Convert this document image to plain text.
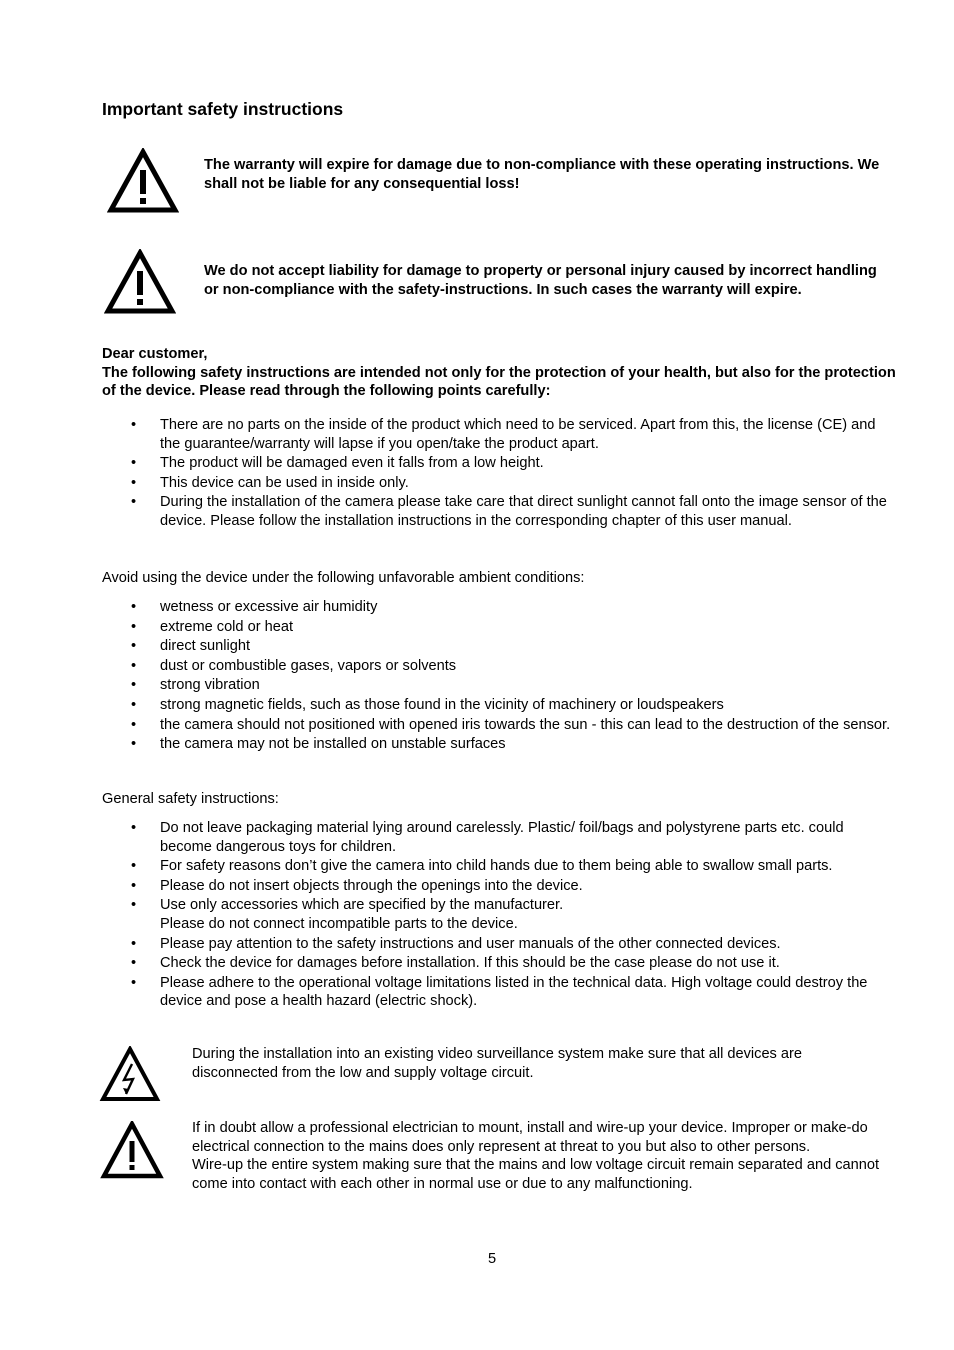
Important safety instructions
The warranty will expire for damage due to non-compliance with these operating instructions. We shall not be liable for any consequential loss!
We do not accept liability for damage to property or personal injury caused by incorrect handling or non-compliance with the safety-instructions. In such cases the warranty will expire.
Dear customer,
The following safety instructions are intended not only for the protection of your health, but also for the protection of the device. Please read through the following points carefully:
• There are no parts on the inside of the product which need to be serviced. Apart from this, the license (CE) and the guarantee/warranty will lapse if you open/take the product apart.
• The product will be damaged even it falls from a low height.
• This device can be used in inside only.
• During the installation of the camera please take care that direct sunlight cannot fall onto the image sensor of the device. Please follow the installation instructions in the corresponding chapter of this user manual.
Avoid using the device under the following unfavorable ambient conditions:
• wetness or excessive air humidity
• extreme cold or heat
• direct sunlight
• dust or combustible gases, vapors or solvents
• strong vibration
• strong magnetic fields, such as those found in the vicinity of machinery or loudspeakers
• the camera should not positioned with opened iris towards the sun - this can lead to the destruction of the sensor.
• the camera may not be installed on unstable surfaces
General safety instructions:
• Do not leave packaging material lying around carelessly. Plastic/ foil/bags and polystyrene parts etc. could become dangerous toys for children.
• For safety reasons don’t give the camera into child hands due to them being able to swallow small parts.
• Please do not insert objects through the openings into the device.
• Use only accessories which are specified by the manufacturer.
Please do not connect incompatible parts to the device.
• Please pay attention to the safety instructions and user manuals of the other connected devices.
• Check the device for damages before installation. If this should be the case please do not use it.
• Please adhere to the operational voltage limitations listed in the technical data. High voltage could destroy the device and pose a health hazard (electric shock).
During the installation into an existing video surveillance system make sure that all devices are disconnected from the low and supply voltage circuit.
If in doubt allow a professional electrician to mount, install and wire-up your device. Improper or make-do electrical connection to the mains does only represent at threat to you but also to other persons.
Wire-up the entire system making sure that the mains and low voltage circuit remain separated and cannot come into contact with each other in normal use or due to any malfunctioning.
5
